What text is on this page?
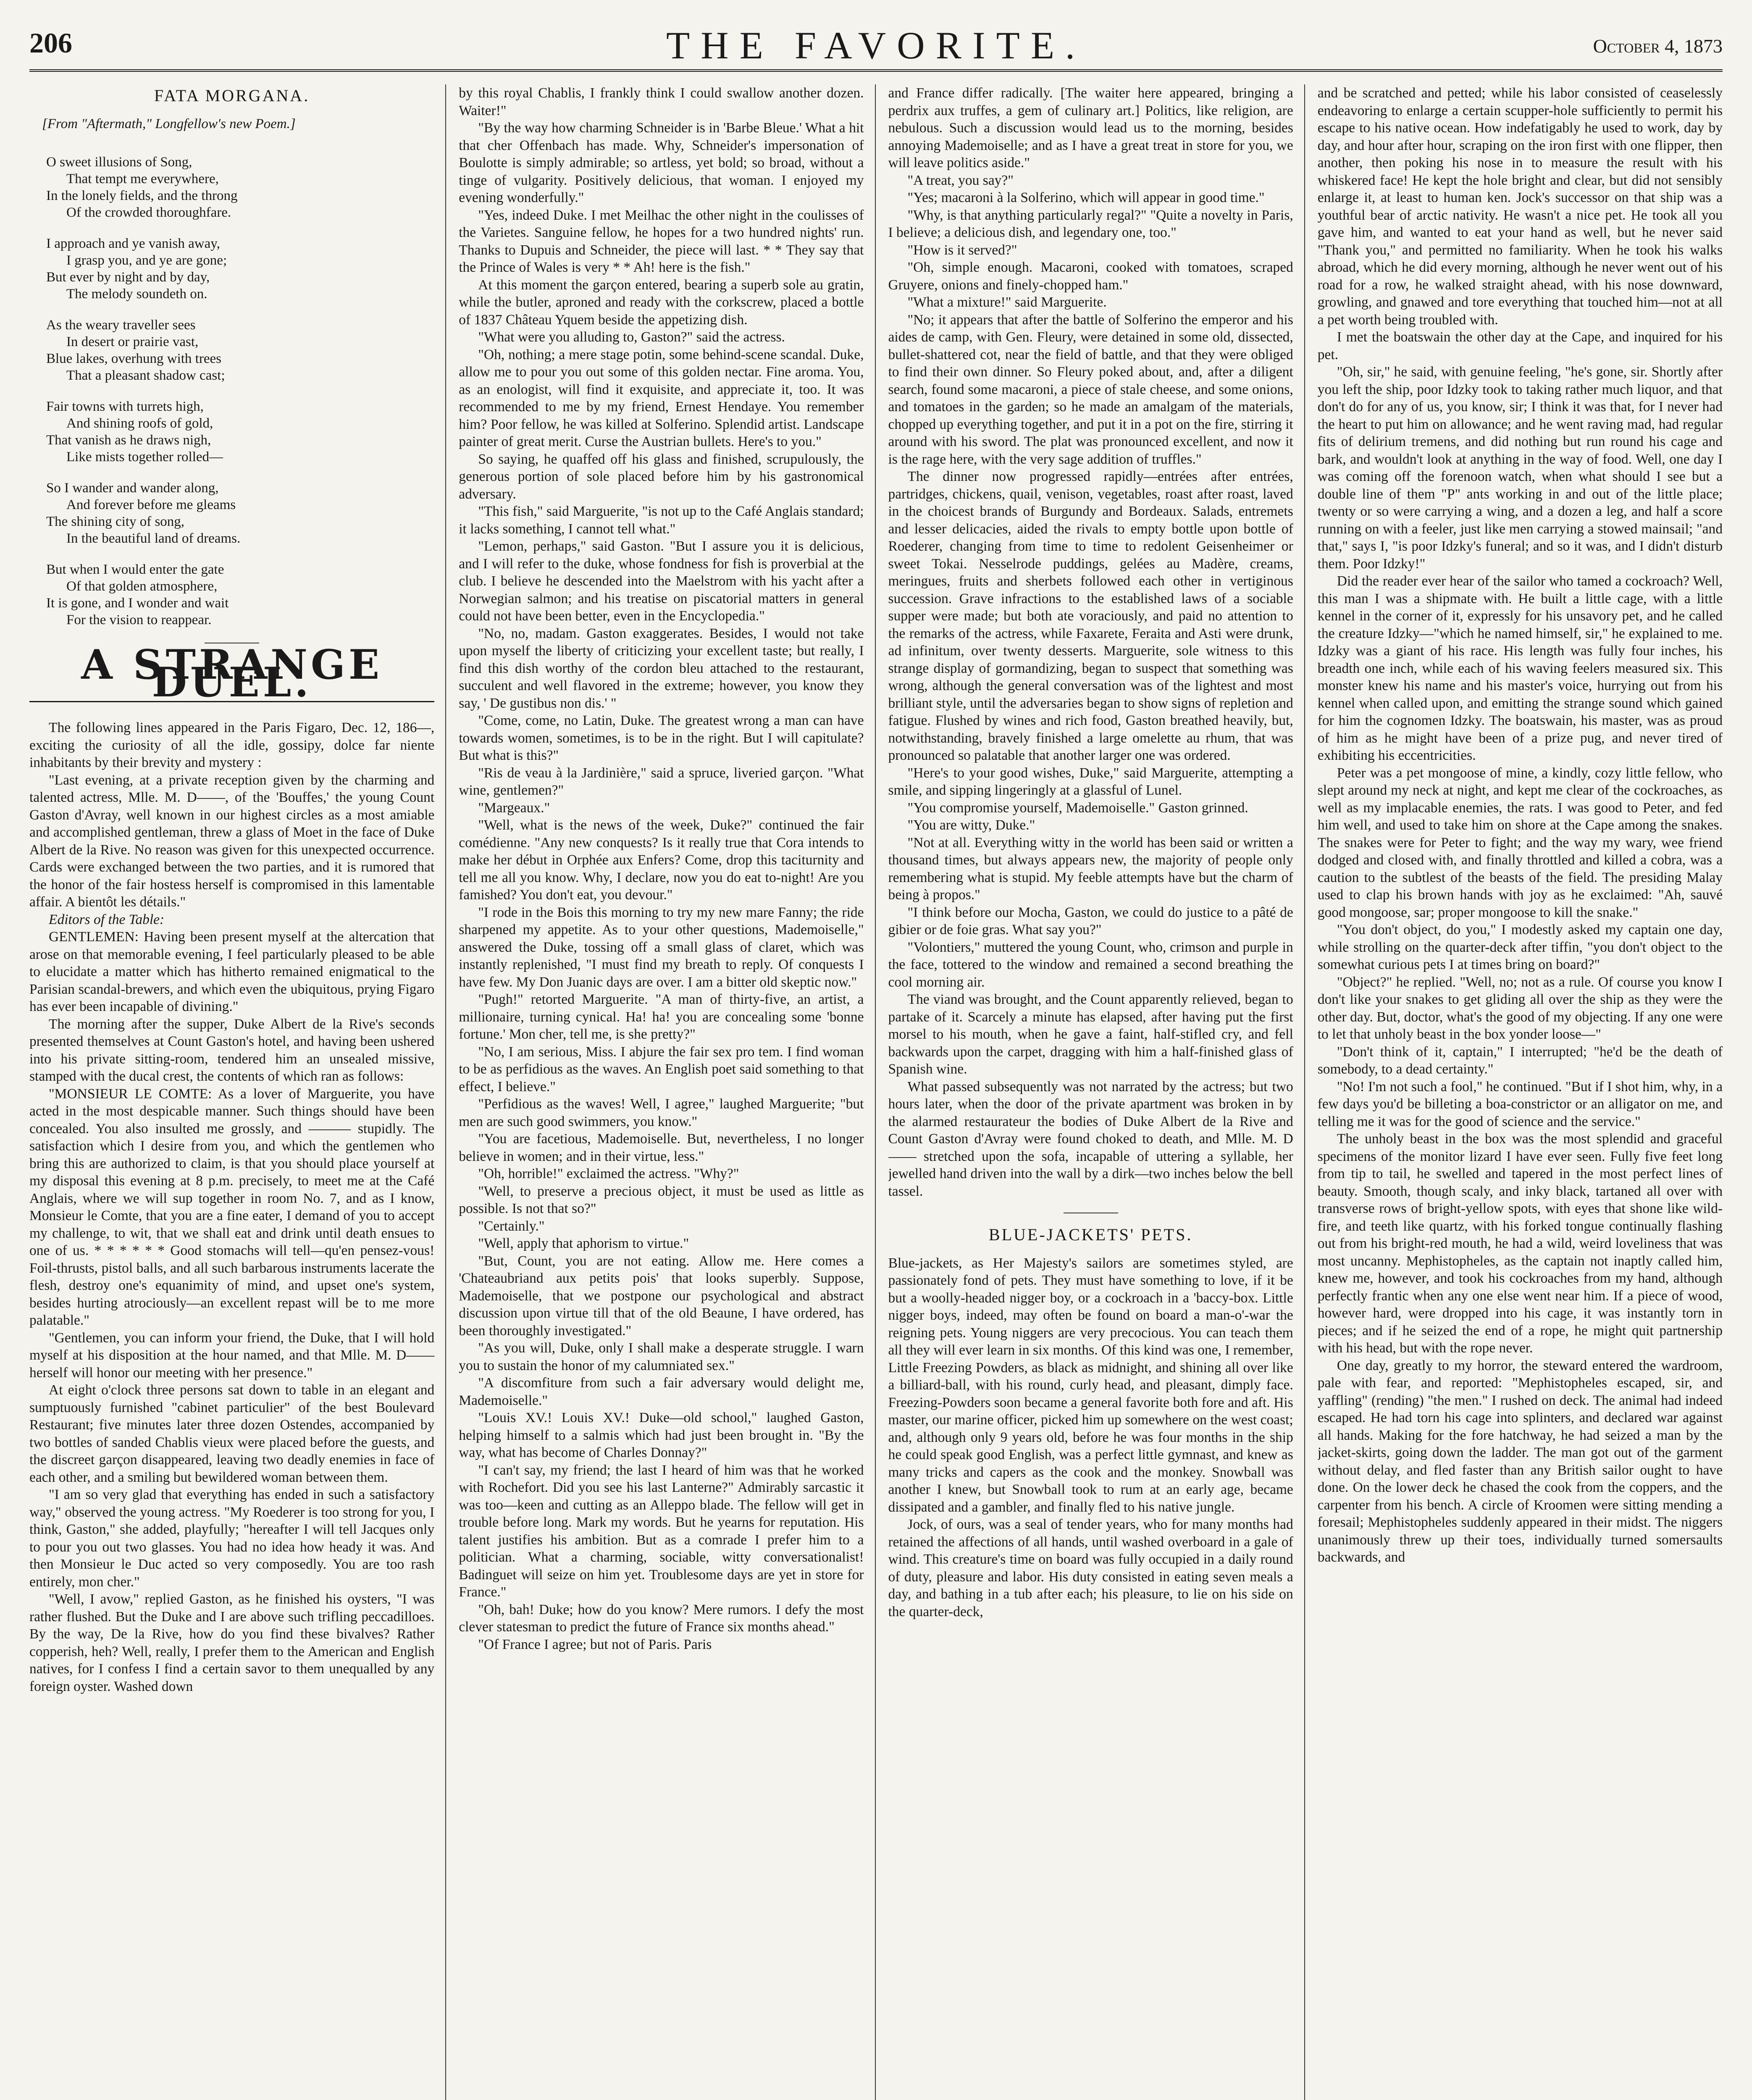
206	THE FAVORITE.	October 4, 1873
FATA MORGANA.
[From "Aftermath," Longfellow's new Poem.]
O sweet illusions of Song,
That tempt me everywhere,
In the lonely fields, and the throng
Of the crowded thoroughfare.
I approach and ye vanish away,
I grasp you, and ye are gone;
But ever by night and by day,
The melody soundeth on.
As the weary traveller sees
In desert or prairie vast,
Blue lakes, overhung with trees
That a pleasant shadow cast;
Fair towns with turrets high,
And shining roofs of gold,
That vanish as he draws nigh,
Like mists together rolled—
So I wander and wander along,
And forever before me gleams
The shining city of song,
In the beautiful land of dreams.
But when I would enter the gate
Of that golden atmosphere,
It is gone, and I wonder and wait
For the vision to reappear.
A STRANGE DUEL.

The following lines appeared in the Paris Figaro, Dec. 12, 186—, exciting the curiosity of all the idle, gossipy, dolce far niente inhabitants by their brevity and mystery :

"Last evening, at a private reception given by the charming and talented actress, Mlle. M. D——, of the 'Bouffes,' the young Count Gaston d'Avray, well known in our highest circles as a most amiable and accomplished gentleman, threw a glass of Moet in the face of Duke Albert de la Rive. No reason was given for this unexpected occurrence. Cards were exchanged between the two parties, and it is rumored that the honor of the fair hostess herself is compromised in this lamentable affair. A bientôt les détails."

Editors of the Table:

GENTLEMEN: Having been present myself at the altercation that arose on that memorable evening, I feel particularly pleased to be able to elucidate a matter which has hitherto remained enigmatical to the Parisian scandal-brewers, and which even the ubiquitous, prying Figaro has ever been incapable of divining."

The morning after the supper, Duke Albert de la Rive's seconds presented themselves at Count Gaston's hotel, and having been ushered into his private sitting-room, tendered him an unsealed missive, stamped with the ducal crest, the contents of which ran as follows:

"MONSIEUR LE COMTE: As a lover of Marguerite, you have acted in the most despicable manner. Such things should have been concealed. You also insulted me grossly, and ——— stupidly. The satisfaction which I desire from you, and which the gentlemen who bring this are authorized to claim, is that you should place yourself at my disposal this evening at 8 p.m. precisely, to meet me at the Café Anglais, where we will sup together in room No. 7, and as I know, Monsieur le Comte, that you are a fine eater, I demand of you to accept my challenge, to wit, that we shall eat and drink until death ensues to one of us. * * * * * * Good stomachs will tell—qu'en pensez-vous! Foil-thrusts, pistol balls, and all such barbarous instruments lacerate the flesh, destroy one's equanimity of mind, and upset one's system, besides hurting atrociously—an excellent repast will be to me more palatable."

"Gentlemen, you can inform your friend, the Duke, that I will hold myself at his disposition at the hour named, and that Mlle. M. D—— herself will honor our meeting with her presence."

At eight o'clock three persons sat down to table in an elegant and sumptuously furnished "cabinet particulier" of the best Boulevard Restaurant; five minutes later three dozen Ostendes, accompanied by two bottles of sanded Chablis vieux were placed before the guests, and the discreet garçon disappeared, leaving two deadly enemies in face of each other, and a smiling but bewildered woman between them.

"I am so very glad that everything has ended in such a satisfactory way," observed the young actress. "My Roederer is too strong for you, I think, Gaston," she added, playfully; "hereafter I will tell Jacques only to pour you out two glasses. You had no idea how heady it was. And then Monsieur le Duc acted so very composedly. You are too rash entirely, mon cher."

"Well, I avow," replied Gaston, as he finished his oysters, "I was rather flushed. But the Duke and I are above such trifling peccadilloes. By the way, De la Rive, how do you find these bivalves? Rather copperish, heh? Well, really, I prefer them to the American and English natives, for I confess I find a certain savor to them unequalled by any foreign oyster. Washed down

by this royal Chablis, I frankly think I could swallow another dozen. Waiter!"

"By the way how charming Schneider is in 'Barbe Bleue.' What a hit that cher Offenbach has made. Why, Schneider's impersonation of Boulotte is simply admirable; so artless, yet bold; so broad, without a tinge of vulgarity. Positively delicious, that woman. I enjoyed my evening wonderfully."

"Yes, indeed Duke. I met Meilhac the other night in the coulisses of the Varietes. Sanguine fellow, he hopes for a two hundred nights' run. Thanks to Dupuis and Schneider, the piece will last. * * They say that the Prince of Wales is very * * Ah! here is the fish."

At this moment the garçon entered, bearing a superb sole au gratin, while the butler, aproned and ready with the corkscrew, placed a bottle of 1837 Château Yquem beside the appetizing dish.

"What were you alluding to, Gaston?" said the actress.

"Oh, nothing; a mere stage potin, some behind-scene scandal. Duke, allow me to pour you out some of this golden nectar. Fine aroma. You, as an enologist, will find it exquisite, and appreciate it, too. It was recommended to me by my friend, Ernest Hendaye. You remember him? Poor fellow, he was killed at Solferino. Splendid artist. Landscape painter of great merit. Curse the Austrian bullets. Here's to you."

So saying, he quaffed off his glass and finished, scrupulously, the generous portion of sole placed before him by his gastronomical adversary.

"This fish," said Marguerite, "is not up to the Café Anglais standard; it lacks something, I cannot tell what."

"Lemon, perhaps," said Gaston. "But I assure you it is delicious, and I will refer to the duke, whose fondness for fish is proverbial at the club. I believe he descended into the Maelstrom with his yacht after a Norwegian salmon; and his treatise on piscatorial matters in general could not have been better, even in the Encyclopedia."

"No, no, madam. Gaston exaggerates. Besides, I would not take upon myself the liberty of criticizing your excellent taste; but really, I find this dish worthy of the cordon bleu attached to the restaurant, succulent and well flavored in the extreme; however, you know they say, ' De gustibus non dis.' "

"Come, come, no Latin, Duke. The greatest wrong a man can have towards women, sometimes, is to be in the right. But I will capitulate? But what is this?"

"Ris de veau à la Jardinière," said a spruce, liveried garçon. "What wine, gentlemen?"

"Margeaux."

"Well, what is the news of the week, Duke?" continued the fair comédienne. "Any new conquests? Is it really true that Cora intends to make her début in Orphée aux Enfers? Come, drop this taciturnity and tell me all you know. Why, I declare, now you do eat to-night! Are you famished? You don't eat, you devour."

"I rode in the Bois this morning to try my new mare Fanny; the ride sharpened my appetite. As to your other questions, Mademoiselle," answered the Duke, tossing off a small glass of claret, which was instantly replenished, "I must find my breath to reply. Of conquests I have few. My Don Juanic days are over. I am a bitter old skeptic now."

"Pugh!" retorted Marguerite. "A man of thirty-five, an artist, a millionaire, turning cynical. Ha! ha! you are concealing some 'bonne fortune.' Mon cher, tell me, is she pretty?"

"No, I am serious, Miss. I abjure the fair sex pro tem. I find woman to be as perfidious as the waves. An English poet said something to that effect, I believe."

"Perfidious as the waves! Well, I agree," laughed Marguerite; "but men are such good swimmers, you know."

"You are facetious, Mademoiselle. But, nevertheless, I no longer believe in women; and in their virtue, less."

"Oh, horrible!" exclaimed the actress. "Why?"

"Well, to preserve a precious object, it must be used as little as possible. Is not that so?"

"Certainly."

"Well, apply that aphorism to virtue."

"But, Count, you are not eating. Allow me. Here comes a 'Chateaubriand aux petits pois' that looks superbly. Suppose, Mademoiselle, that we postpone our psychological and abstract discussion upon virtue till that of the old Beaune, I have ordered, has been thoroughly investigated."

"As you will, Duke, only I shall make a desperate struggle. I warn you to sustain the honor of my calumniated sex."

"A discomfiture from such a fair adversary would delight me, Mademoiselle."

"Louis XV.! Louis XV.! Duke—old school," laughed Gaston, helping himself to a salmis which had just been brought in. "By the way, what has become of Charles Donnay?"

"I can't say, my friend; the last I heard of him was that he worked with Rochefort. Did you see his last Lanterne?" Admirably sarcastic it was too—keen and cutting as an Alleppo blade. The fellow will get in trouble before long. Mark my words. But he yearns for reputation. His talent justifies his ambition. But as a comrade I prefer him to a politician. What a charming, sociable, witty conversationalist! Badinguet will seize on him yet. Troublesome days are yet in store for France."

"Oh, bah! Duke; how do you know? Mere rumors. I defy the most clever statesman to predict the future of France six months ahead."

"Of France I agree; but not of Paris. Paris

and France differ radically. [The waiter here appeared, bringing a perdrix aux truffes, a gem of culinary art.] Politics, like religion, are nebulous. Such a discussion would lead us to the morning, besides annoying Mademoiselle; and as I have a great treat in store for you, we will leave politics aside."

"A treat, you say?"

"Yes; macaroni à la Solferino, which will appear in good time."

"Why, is that anything particularly regal?" "Quite a novelty in Paris, I believe; a delicious dish, and legendary one, too."

"How is it served?"

"Oh, simple enough. Macaroni, cooked with tomatoes, scraped Gruyere, onions and finely-chopped ham."

"What a mixture!" said Marguerite.

"No; it appears that after the battle of Solferino the emperor and his aides de camp, with Gen. Fleury, were detained in some old, dissected, bullet-shattered cot, near the field of battle, and that they were obliged to find their own dinner. So Fleury poked about, and, after a diligent search, found some macaroni, a piece of stale cheese, and some onions, and tomatoes in the garden; so he made an amalgam of the materials, chopped up everything together, and put it in a pot on the fire, stirring it around with his sword. The plat was pronounced excellent, and now it is the rage here, with the very sage addition of truffles."

The dinner now progressed rapidly—entrées after entrées, partridges, chickens, quail, venison, vegetables, roast after roast, laved in the choicest brands of Burgundy and Bordeaux. Salads, entremets and lesser delicacies, aided the rivals to empty bottle upon bottle of Roederer, changing from time to time to redolent Geisenheimer or sweet Tokai. Nesselrode puddings, gelées au Madère, creams, meringues, fruits and sherbets followed each other in vertiginous succession. Grave infractions to the established laws of a sociable supper were made; but both ate voraciously, and paid no attention to the remarks of the actress, while Faxarete, Feraita and Asti were drunk, ad infinitum, over twenty desserts. Marguerite, sole witness to this strange display of gormandizing, began to suspect that something was wrong, although the general conversation was of the lightest and most brilliant style, until the adversaries began to show signs of repletion and fatigue. Flushed by wines and rich food, Gaston breathed heavily, but, notwithstanding, bravely finished a large omelette au rhum, that was pronounced so palatable that another larger one was ordered.

"Here's to your good wishes, Duke," said Marguerite, attempting a smile, and sipping lingeringly at a glassful of Lunel.

"You compromise yourself, Mademoiselle." Gaston grinned.

"You are witty, Duke."

"Not at all. Everything witty in the world has been said or written a thousand times, but always appears new, the majority of people only remembering what is stupid. My feeble attempts have but the charm of being à propos."

"I think before our Mocha, Gaston, we could do justice to a pâté de gibier or de foie gras. What say you?"

"Volontiers," muttered the young Count, who, crimson and purple in the face, tottered to the window and remained a second breathing the cool morning air.

The viand was brought, and the Count apparently relieved, began to partake of it. Scarcely a minute has elapsed, after having put the first morsel to his mouth, when he gave a faint, half-stifled cry, and fell backwards upon the carpet, dragging with him a half-finished glass of Spanish wine.

What passed subsequently was not narrated by the actress; but two hours later, when the door of the private apartment was broken in by the alarmed restaurateur the bodies of Duke Albert de la Rive and Count Gaston d'Avray were found choked to death, and Mlle. M. D—— stretched upon the sofa, incapable of uttering a syllable, her jewelled hand driven into the wall by a dirk—two inches below the bell tassel.

BLUE-JACKETS' PETS.

Blue-jackets, as Her Majesty's sailors are sometimes styled, are passionately fond of pets. They must have something to love, if it be but a woolly-headed nigger boy, or a cockroach in a 'baccy-box. Little nigger boys, indeed, may often be found on board a man-o'-war the reigning pets. Young niggers are very precocious. You can teach them all they will ever learn in six months. Of this kind was one, I remember, Little Freezing Powders, as black as midnight, and shining all over like a billiard-ball, with his round, curly head, and pleasant, dimply face. Freezing-Powders soon became a general favorite both fore and aft. His master, our marine officer, picked him up somewhere on the west coast; and, although only 9 years old, before he was four months in the ship he could speak good English, was a perfect little gymnast, and knew as many tricks and capers as the cook and the monkey. Snowball was another I knew, but Snowball took to rum at an early age, became dissipated and a gambler, and finally fled to his native jungle.

Jock, of ours, was a seal of tender years, who for many months had retained the affections of all hands, until washed overboard in a gale of wind. This creature's time on board was fully occupied in a daily round of duty, pleasure and labor. His duty consisted in eating seven meals a day, and bathing in a tub after each; his pleasure, to lie on his side on the quarter-deck,

and be scratched and petted; while his labor consisted of ceaselessly endeavoring to enlarge a certain scupper-hole sufficiently to permit his escape to his native ocean. How indefatigably he used to work, day by day, and hour after hour, scraping on the iron first with one flipper, then another, then poking his nose in to measure the result with his whiskered face! He kept the hole bright and clear, but did not sensibly enlarge it, at least to human ken. Jock's successor on that ship was a youthful bear of arctic nativity. He wasn't a nice pet. He took all you gave him, and wanted to eat your hand as well, but he never said "Thank you," and permitted no familiarity. When he took his walks abroad, which he did every morning, although he never went out of his road for a row, he walked straight ahead, with his nose downward, growling, and gnawed and tore everything that touched him—not at all a pet worth being troubled with.

I met the boatswain the other day at the Cape, and inquired for his pet.

"Oh, sir," he said, with genuine feeling, "he's gone, sir. Shortly after you left the ship, poor Idzky took to taking rather much liquor, and that don't do for any of us, you know, sir; I think it was that, for I never had the heart to put him on allowance; and he went raving mad, had regular fits of delirium tremens, and did nothing but run round his cage and bark, and wouldn't look at anything in the way of food. Well, one day I was coming off the forenoon watch, when what should I see but a double line of them "P" ants working in and out of the little place; twenty or so were carrying a wing, and a dozen a leg, and half a score running on with a feeler, just like men carrying a stowed mainsail; "and that," says I, "is poor Idzky's funeral; and so it was, and I didn't disturb them. Poor Idzky!"

Did the reader ever hear of the sailor who tamed a cockroach? Well, this man I was a shipmate with. He built a little cage, with a little kennel in the corner of it, expressly for his unsavory pet, and he called the creature Idzky—"which he named himself, sir," he explained to me. Idzky was a giant of his race. His length was fully four inches, his breadth one inch, while each of his waving feelers measured six. This monster knew his name and his master's voice, hurrying out from his kennel when called upon, and emitting the strange sound which gained for him the cognomen Idzky. The boatswain, his master, was as proud of him as he might have been of a prize pug, and never tired of exhibiting his eccentricities.

Peter was a pet mongoose of mine, a kindly, cozy little fellow, who slept around my neck at night, and kept me clear of the cockroaches, as well as my implacable enemies, the rats. I was good to Peter, and fed him well, and used to take him on shore at the Cape among the snakes. The snakes were for Peter to fight; and the way my wary, wee friend dodged and closed with, and finally throttled and killed a cobra, was a caution to the subtlest of the beasts of the field. The presiding Malay used to clap his brown hands with joy as he exclaimed: "Ah, sauvé good mongoose, sar; proper mongoose to kill the snake."

"You don't object, do you," I modestly asked my captain one day, while strolling on the quarter-deck after tiffin, "you don't object to the somewhat curious pets I at times bring on board?"

"Object?" he replied. "Well, no; not as a rule. Of course you know I don't like your snakes to get gliding all over the ship as they were the other day. But, doctor, what's the good of my objecting. If any one were to let that unholy beast in the box yonder loose—"

"Don't think of it, captain," I interrupted; "he'd be the death of somebody, to a dead certainty."

"No! I'm not such a fool," he continued. "But if I shot him, why, in a few days you'd be billeting a boa-constrictor or an alligator on me, and telling me it was for the good of science and the service."

The unholy beast in the box was the most splendid and graceful specimens of the monitor lizard I have ever seen. Fully five feet long from tip to tail, he swelled and tapered in the most perfect lines of beauty. Smooth, though scaly, and inky black, tartaned all over with transverse rows of bright-yellow spots, with eyes that shone like wild-fire, and teeth like quartz, with his forked tongue continually flashing out from his bright-red mouth, he had a wild, weird loveliness that was most uncanny. Mephistopheles, as the captain not inaptly called him, knew me, however, and took his cockroaches from my hand, although perfectly frantic when any one else went near him. If a piece of wood, however hard, were dropped into his cage, it was instantly torn in pieces; and if he seized the end of a rope, he might quit partnership with his head, but with the rope never.

One day, greatly to my horror, the steward entered the wardroom, pale with fear, and reported: "Mephistopheles escaped, sir, and yaffling" (rending) "the men." I rushed on deck. The animal had indeed escaped. He had torn his cage into splinters, and declared war against all hands. Making for the fore hatchway, he had seized a man by the jacket-skirts, going down the ladder. The man got out of the garment without delay, and fled faster than any British sailor ought to have done. On the lower deck he chased the cook from the coppers, and the carpenter from his bench. A circle of Kroomen were sitting mending a foresail; Mephistopheles suddenly appeared in their midst. The niggers unanimously threw up their toes, individually turned somersaults backwards, and
